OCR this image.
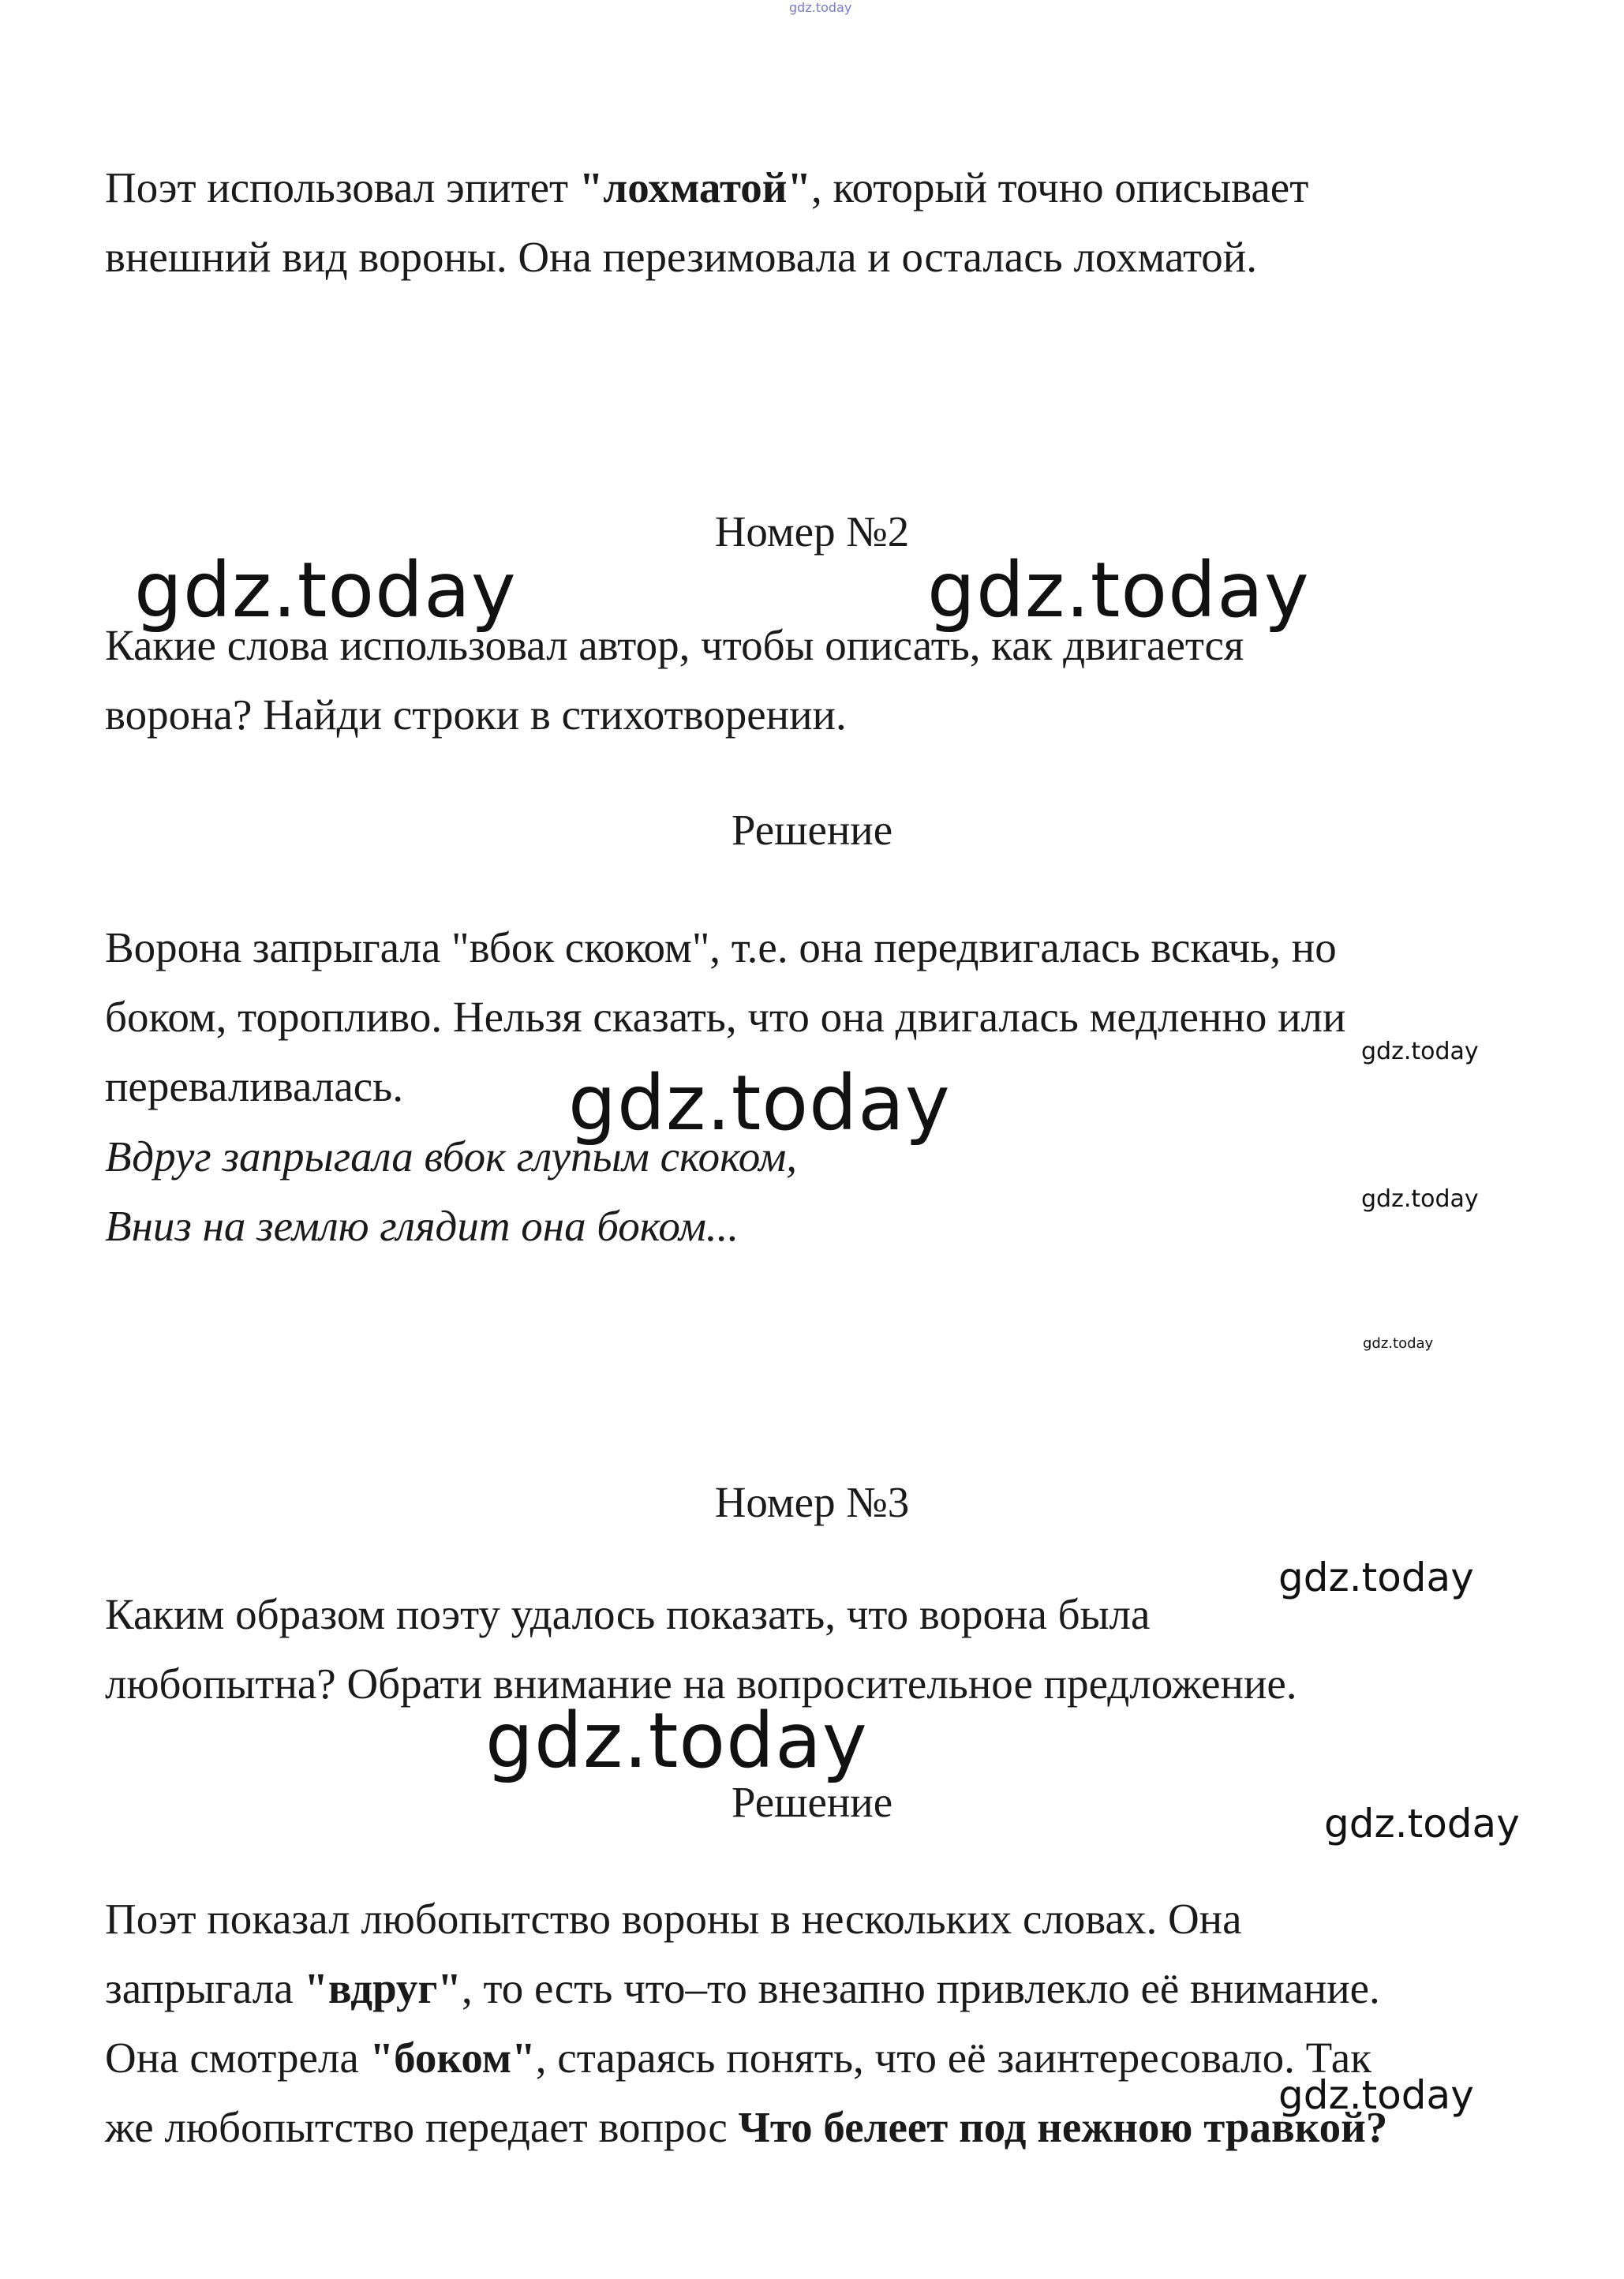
gdz.today
gdz.today	gdz.today
gdz.today
gdz.today
gdz.today
gdz.today
gdz.today
gdz.today
gdz.today
gdz.today
Поэт использовал эпитет "лохматой", который точно описывает
внешний вид вороны. Она перезимовала и осталась лохматой.
Номер №2
Какие слова использовал автор, чтобы описать, как двигается
ворона? Найди строки в стихотворении.
Решение
Ворона запрыгала "вбок скоком", т.е. она передвигалась вскачь, но
боком, торопливо. Нельзя сказать, что она двигалась медленно или
переваливалась.
Вдруг запрыгала вбок глупым скоком,
Вниз на землю глядит она боком...
Номер №3
Каким образом поэту удалось показать, что ворона была
любопытна? Обрати внимание на вопросительное предложение.
Решение
Поэт показал любопытство вороны в нескольких словах. Она
запрыгала "вдруг", то есть что–то внезапно привлекло её внимание.
Она смотрела "боком", стараясь понять, что её заинтересовало. Так
же любопытство передает вопрос Что белеет под нежною травкой?
